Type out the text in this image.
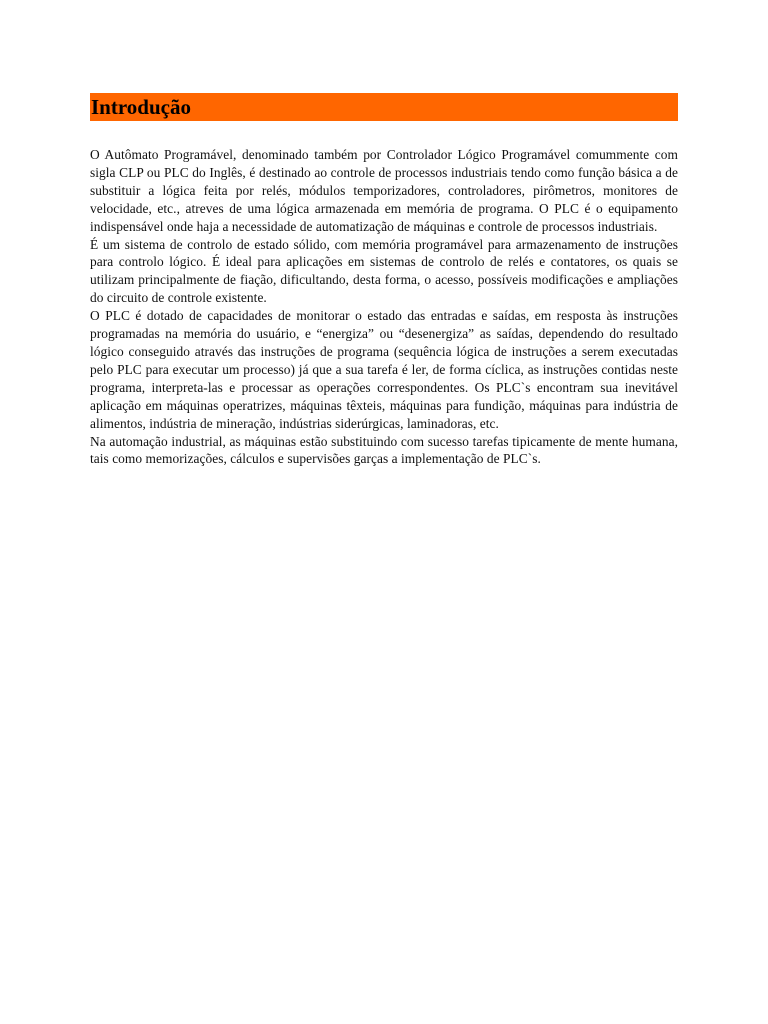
Introdução

O Autômato Programável, denominado também por Controlador Lógico Programável comummente com sigla CLP ou PLC do Inglês, é destinado ao controle de processos industriais tendo como função básica a de substituir a lógica feita por relés, módulos temporizadores, controladores, pirômetros, monitores de velocidade, etc., atreves de uma lógica armazenada em memória de programa. O PLC é o equipamento indispensável onde haja a necessidade de automatização de máquinas e controle de processos industriais.

É um sistema de controlo de estado sólido, com memória programável para armazenamento de instruções para controlo lógico. É ideal para aplicações em sistemas de controlo de relés e contatores, os quais se utilizam principalmente de fiação, dificultando, desta forma, o acesso, possíveis modificações e ampliações do circuito de controle existente.

O PLC é dotado de capacidades de monitorar o estado das entradas e saídas, em resposta às instruções programadas na memória do usuário, e “energiza” ou “desenergiza” as saídas, dependendo do resultado lógico conseguido através das instruções de programa (sequência lógica de instruções a serem executadas pelo PLC para executar um processo) já que a sua tarefa é ler, de forma cíclica, as instruções contidas neste programa, interpreta-las e processar as operações correspondentes. Os PLC`s encontram sua inevitável aplicação em máquinas operatrizes, máquinas têxteis, máquinas para fundição, máquinas para indústria de alimentos, indústria de mineração, indústrias siderúrgicas, laminadoras, etc.

Na automação industrial, as máquinas estão substituindo com sucesso tarefas tipicamente de mente humana, tais como memorizações, cálculos e supervisões garças a implementação de PLC`s.
